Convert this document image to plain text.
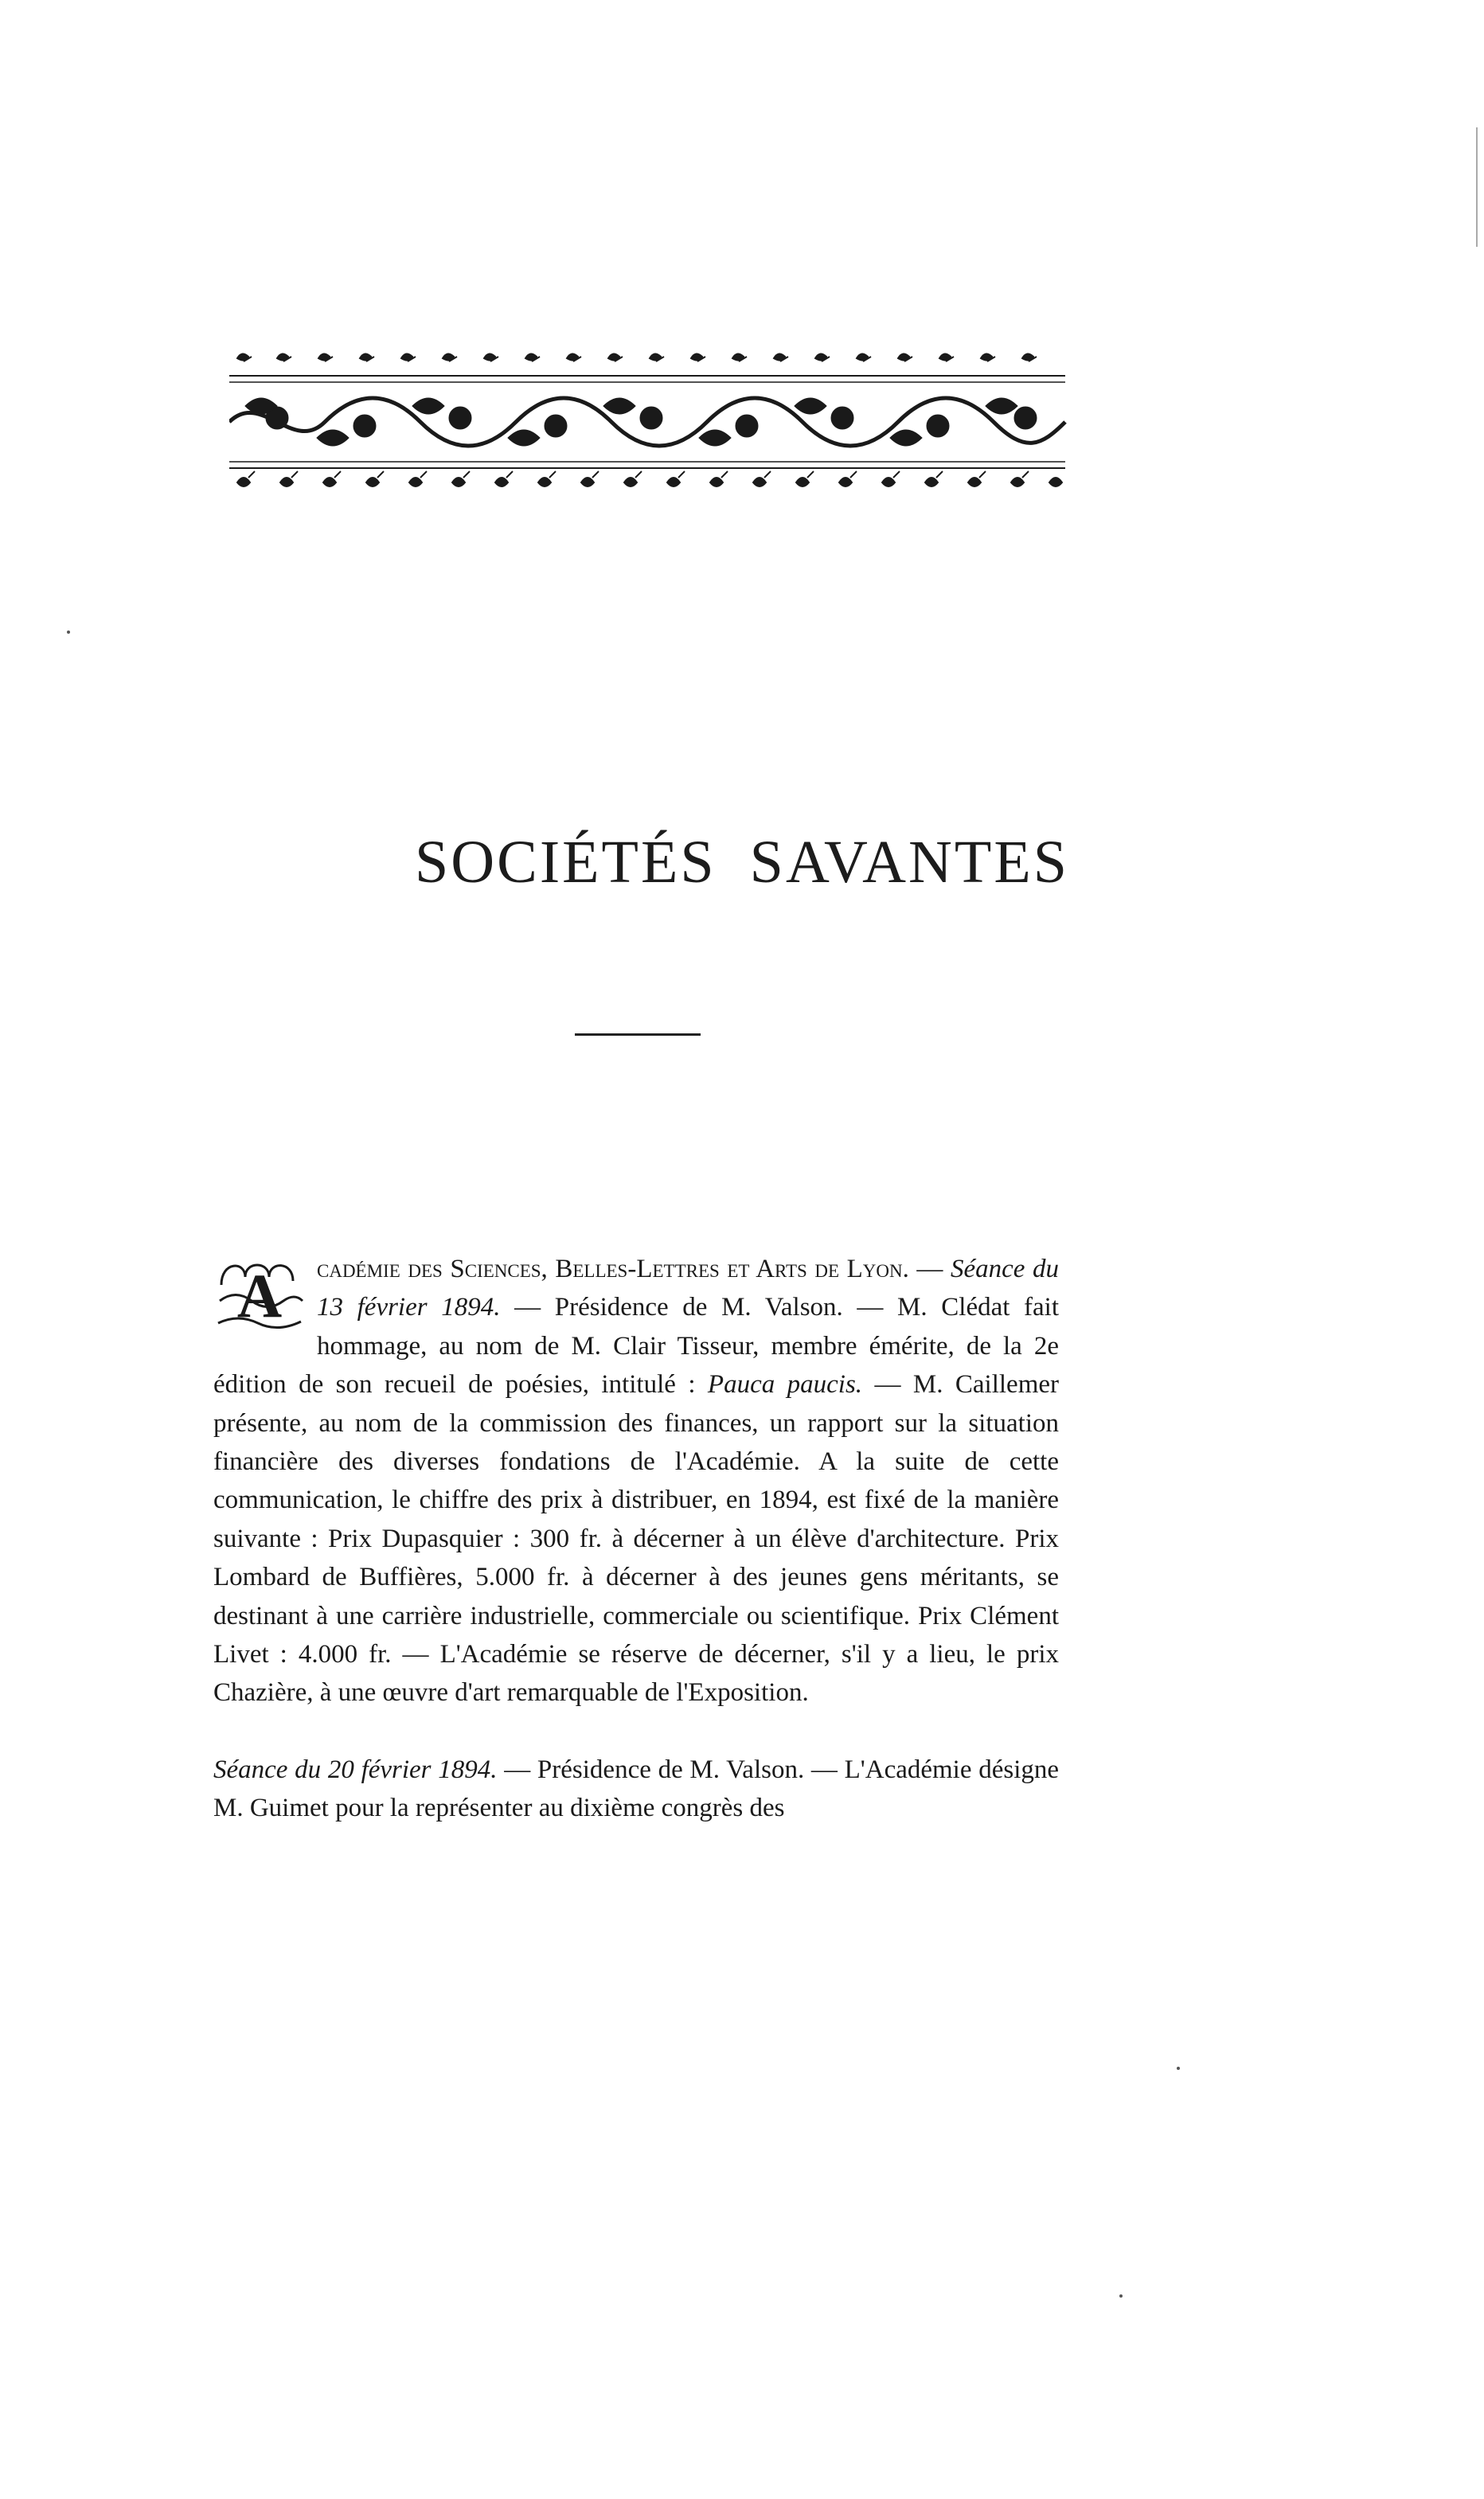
SOCIÉTÉS SAVANTES

A cadémie des Sciences, Belles-Lettres et Arts de Lyon. — Séance du 13 février 1894. — Présidence de M. Valson. — M. Clédat fait hommage, au nom de M. Clair Tisseur, membre émérite, de la 2e édition de son recueil de poésies, intitulé : Pauca paucis. — M. Caillemer présente, au nom de la commission des finances, un rapport sur la situation financière des diverses fondations de l'Académie. A la suite de cette communication, le chiffre des prix à distribuer, en 1894, est fixé de la manière suivante : Prix Dupasquier : 300 fr. à décerner à un élève d'architecture. Prix Lombard de Buffières, 5.000 fr. à décerner à des jeunes gens méritants, se destinant à une carrière industrielle, commerciale ou scientifique. Prix Clément Livet : 4.000 fr. — L'Académie se réserve de décerner, s'il y a lieu, le prix Chazière, à une œuvre d'art remarquable de l'Exposition.

Séance du 20 février 1894. — Présidence de M. Valson. — L'Académie désigne M. Guimet pour la représenter au dixième congrès des
